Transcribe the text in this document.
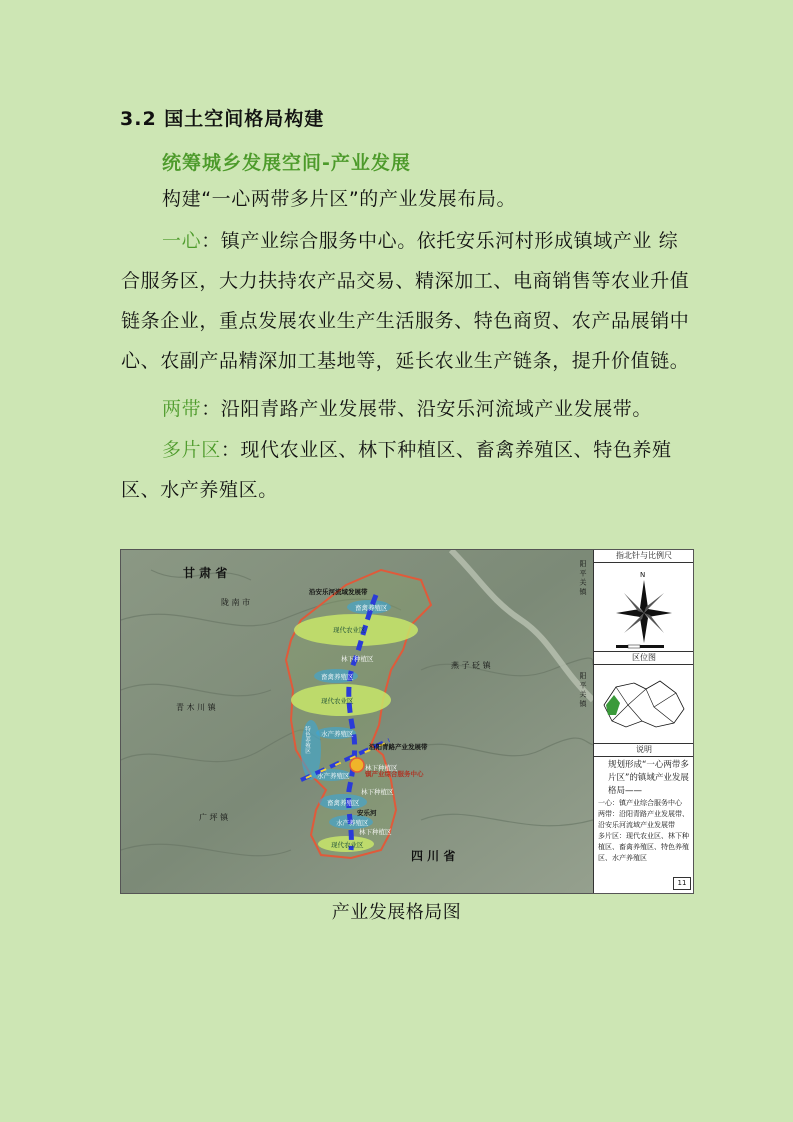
3.2 国土空间格局构建
统筹城乡发展空间-产业发展
构建“一心两带多片区”的产业发展布局。
一心：镇产业综合服务中心。依托安乐河村形成镇域产业 综合服务区，大力扶持农产品交易、精深加工、电商销售等农业升值链条企业，重点发展农业生产生活服务、特色商贸、农产品展销中心、农副产品精深加工基地等，延长农业生产链条，提升价值链。
两带：沿阳青路产业发展带、沿安乐河流域产业发展带。
多片区：现代农业区、林下种植区、畜禽养殖区、特色养殖区、水产养殖区。
甘 肃 省
四 川 省
陇 南 市
青 木 川 镇
燕 子 砭 镇
广 坪 镇
沿安乐河流域发展带
沿阳青路产业发展带
镇产业综合服务中心
安乐河
现代农业区
现代农业区
现代农业区
畜禽养殖区
畜禽养殖区
畜禽养殖区
林下种植区
林下种植区
林下种植区
林下种植区
水产养殖区
水产养殖区
水产养殖区
特色养殖区
阳 平 关 镇
阳 平 关 镇
指北针与比例尺
N
区位图
说明
规划形成“一心两带多片区”的镇域产业发展格局——
一心：镇产业综合服务中心
两带：沿阳青路产业发展带、沿安乐河流域产业发展带
多片区：现代农业区、林下种植区、畜禽养殖区、特色养殖区、水产养殖区
11
产业发展格局图
